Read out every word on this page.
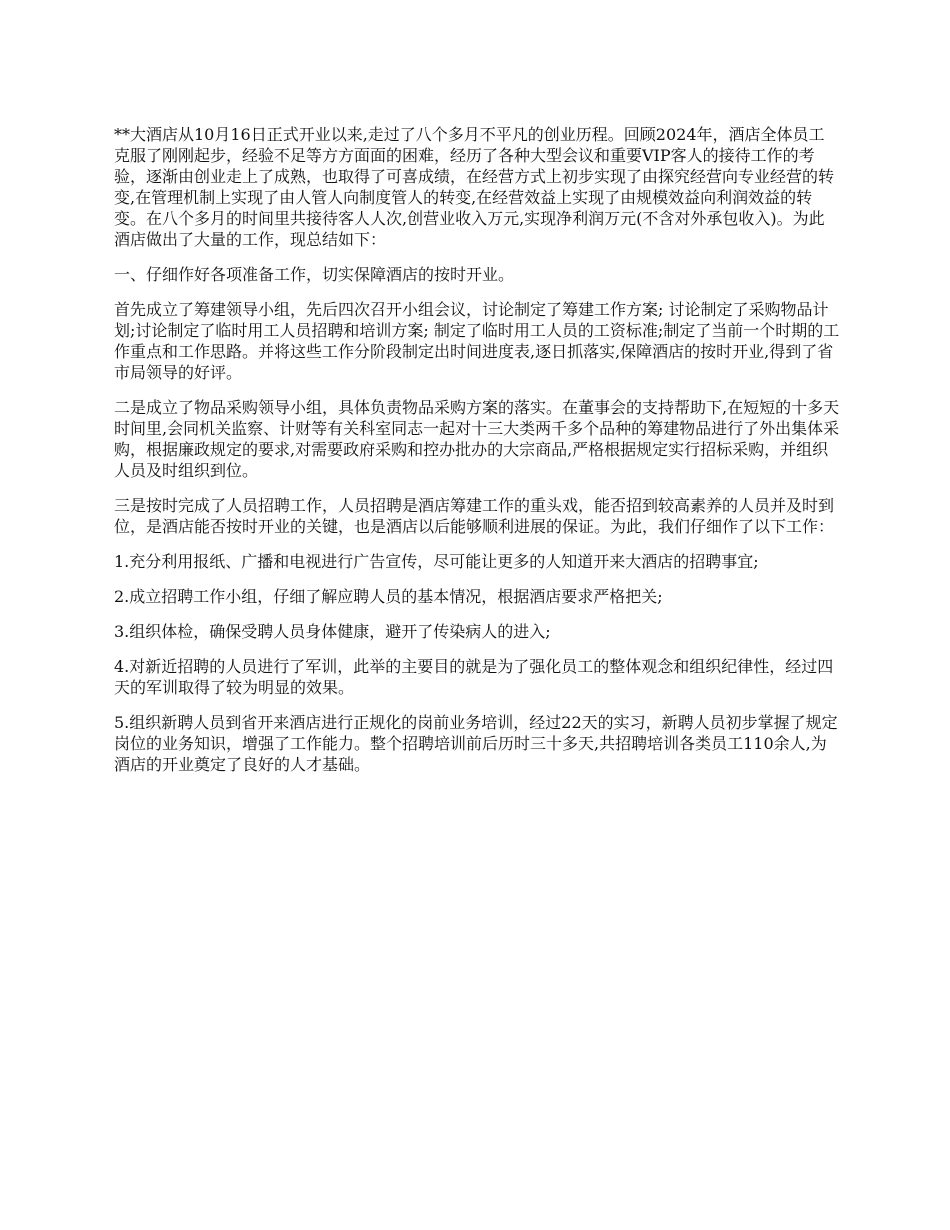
**大酒店从10月16日正式开业以来,走过了八个多月不平凡的创业历程。回顾2024年，酒店全体员工克服了刚刚起步，经验不足等方方面面的困难，经历了各种大型会议和重要VIP客人的接待工作的考验，逐渐由创业走上了成熟，也取得了可喜成绩，在经营方式上初步实现了由探究经营向专业经营的转变,在管理机制上实现了由人管人向制度管人的转变,在经营效益上实现了由规模效益向利润效益的转变。在八个多月的时间里共接待客人人次,创营业收入万元,实现净利润万元(不含对外承包收入)。为此酒店做出了大量的工作，现总结如下：

一、仔细作好各项准备工作，切实保障酒店的按时开业。

首先成立了筹建领导小组，先后四次召开小组会议，讨论制定了筹建工作方案; 讨论制定了采购物品计划;讨论制定了临时用工人员招聘和培训方案; 制定了临时用工人员的工资标准;制定了当前一个时期的工作重点和工作思路。并将这些工作分阶段制定出时间进度表,逐日抓落实,保障酒店的按时开业,得到了省市局领导的好评。

二是成立了物品采购领导小组，具体负责物品采购方案的落实。在董事会的支持帮助下,在短短的十多天时间里,会同机关监察、计财等有关科室同志一起对十三大类两千多个品种的筹建物品进行了外出集体采购，根据廉政规定的要求,对需要政府采购和控办批办的大宗商品,严格根据规定实行招标采购，并组织人员及时组织到位。

三是按时完成了人员招聘工作，人员招聘是酒店筹建工作的重头戏，能否招到较高素养的人员并及时到位，是酒店能否按时开业的关键，也是酒店以后能够顺利进展的保证。为此，我们仔细作了以下工作：

1.充分利用报纸、广播和电视进行广告宣传，尽可能让更多的人知道开来大酒店的招聘事宜;

2.成立招聘工作小组，仔细了解应聘人员的基本情况，根据酒店要求严格把关;

3.组织体检，确保受聘人员身体健康，避开了传染病人的进入;

4.对新近招聘的人员进行了军训，此举的主要目的就是为了强化员工的整体观念和组织纪律性，经过四天的军训取得了较为明显的效果。

5.组织新聘人员到省开来酒店进行正规化的岗前业务培训，经过22天的实习，新聘人员初步掌握了规定岗位的业务知识，增强了工作能力。整个招聘培训前后历时三十多天,共招聘培训各类员工110余人,为酒店的开业奠定了良好的人才基础。
